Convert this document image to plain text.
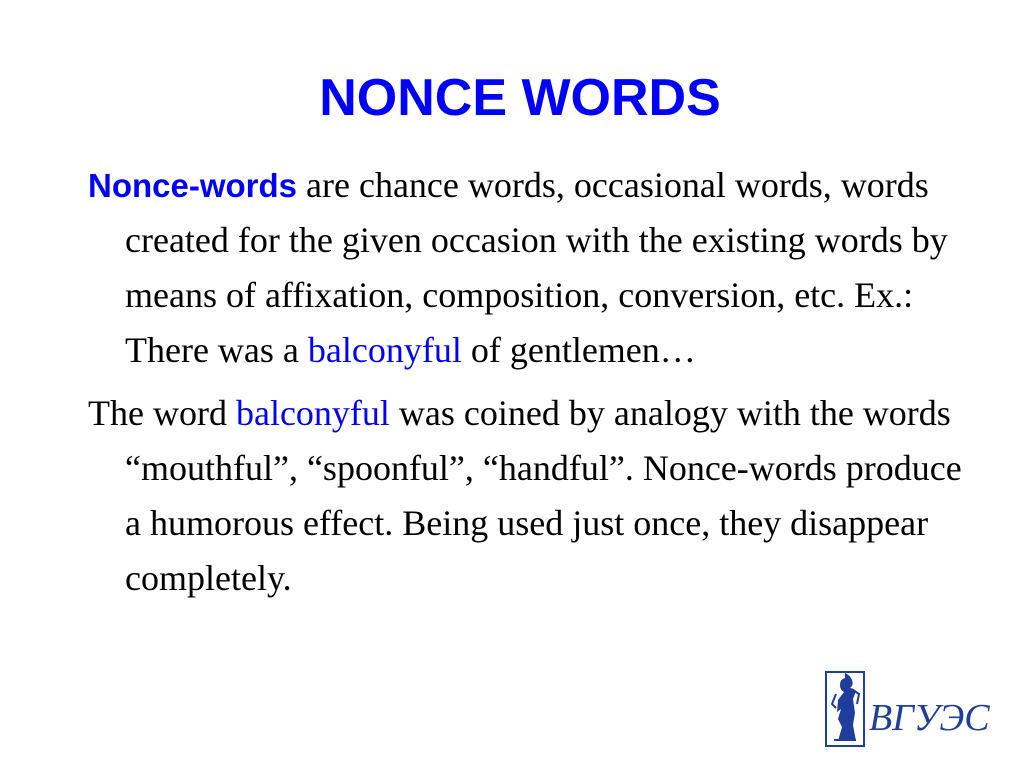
NONCE WORDS

Nonce-words are chance words, occasional words, words created for the given occasion with the existing words by means of affixation, composition, conversion, etc. Ex.: There was a balconyful of gentlemen…

The word balconyful was coined by analogy with the words “mouthful”, “spoonful”, “handful”. Nonce-words produce a humorous effect. Being used just once, they disappear completely.

ВГУЭС
